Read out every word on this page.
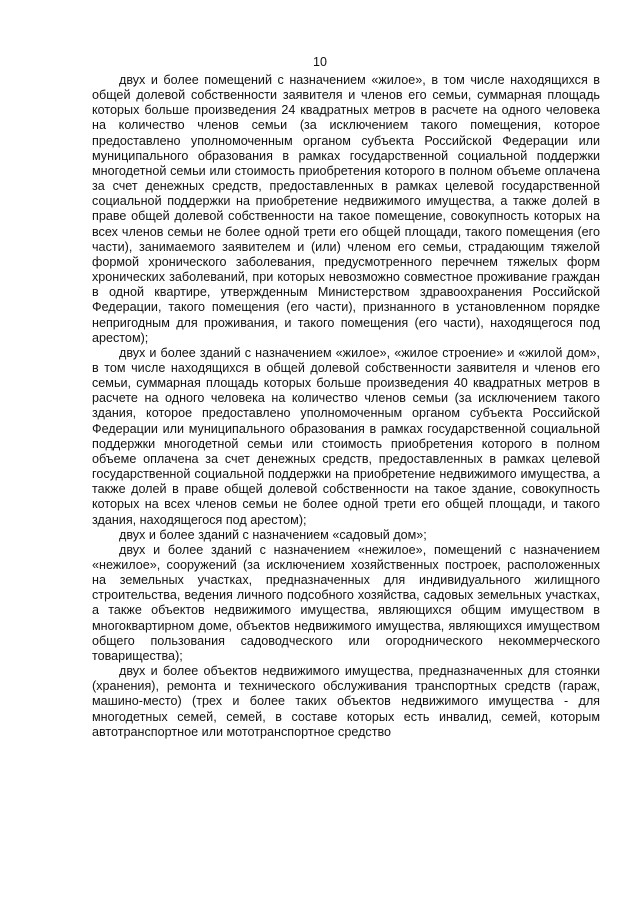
10

двух и более помещений с назначением «жилое», в том числе находящихся в общей долевой собственности заявителя и членов его семьи, суммарная площадь которых больше произведения 24 квадратных метров в расчете на одного человека на количество членов семьи (за исключением такого помещения, которое предоставлено уполномоченным органом субъекта Российской Федерации или муниципального образования в рамках государственной социальной поддержки многодетной семьи или стоимость приобретения которого в полном объеме оплачена за счет денежных средств, предоставленных в рамках целевой государственной социальной поддержки на приобретение недвижимого имущества, а также долей в праве общей долевой собственности на такое помещение, совокупность которых на всех членов семьи не более одной трети его общей площади, такого помещения (его части), занимаемого заявителем и (или) членом его семьи, страдающим тяжелой формой хронического заболевания, предусмотренного перечнем тяжелых форм хронических заболеваний, при которых невозможно совместное проживание граждан в одной квартире, утвержденным Министерством здравоохранения Российской Федерации, такого помещения (его части), признанного в установленном порядке непригодным для проживания, и такого помещения (его части), находящегося под арестом);

двух и более зданий с назначением «жилое», «жилое строение» и «жилой дом», в том числе находящихся в общей долевой собственности заявителя и членов его семьи, суммарная площадь которых больше произведения 40 квадратных метров в расчете на одного человека на количество членов семьи (за исключением такого здания, которое предоставлено уполномоченным органом субъекта Российской Федерации или муниципального образования в рамках государственной социальной поддержки многодетной семьи или стоимость приобретения которого в полном объеме оплачена за счет денежных средств, предоставленных в рамках целевой государственной социальной поддержки на приобретение недвижимого имущества, а также долей в праве общей долевой собственности на такое здание, совокупность которых на всех членов семьи не более одной трети его общей площади, и такого здания, находящегося под арестом);

двух и более зданий с назначением «садовый дом»;

двух и более зданий с назначением «нежилое», помещений с назначением «нежилое», сооружений (за исключением хозяйственных построек, расположенных на земельных участках, предназначенных для индивидуального жилищного строительства, ведения личного подсобного хозяйства, садовых земельных участках, а также объектов недвижимого имущества, являющихся общим имуществом в многоквартирном доме, объектов недвижимого имущества, являющихся имуществом общего пользования садоводческого или огороднического некоммерческого товарищества);

двух и более объектов недвижимого имущества, предназначенных для стоянки (хранения), ремонта и технического обслуживания транспортных средств (гараж, машино-место) (трех и более таких объектов недвижимого имущества - для многодетных семей, семей, в составе которых есть инвалид, семей, которым автотранспортное или мототранспортное средство
